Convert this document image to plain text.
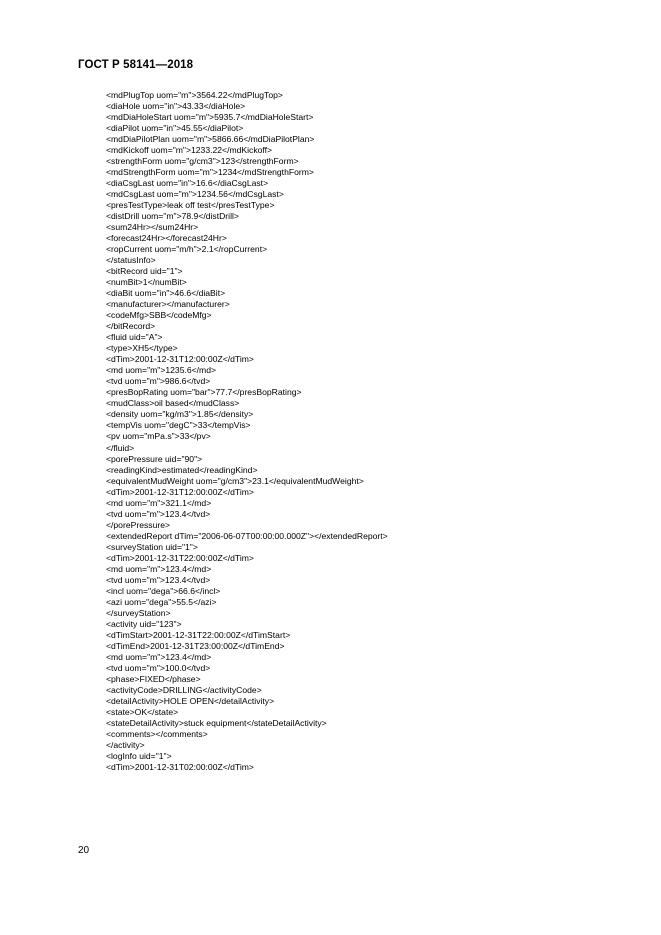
ГОСТ Р 58141—2018
<mdPlugTop uom="m">3564.22</mdPlugTop>
<diaHole uom="in">43.33</diaHole>
<mdDiaHoleStart uom="m">5935.7</mdDiaHoleStart>
<diaPilot uom="in">45.55</diaPilot>
<mdDiaPilotPlan uom="m">5866.66</mdDiaPilotPlan>
<mdKickoff uom="m">1233.22</mdKickoff>
<strengthForm uom="g/cm3">123</strengthForm>
<mdStrengthForm uom="m">1234</mdStrengthForm>
<diaCsgLast uom="in">16.6</diaCsgLast>
<mdCsgLast uom="m">1234.56</mdCsgLast>
<presTestType>leak off test</presTestType>
<distDrill uom="m">78.9</distDrill>
<sum24Hr></sum24Hr>
<forecast24Hr></forecast24Hr>
<ropCurrent uom="m/h">2.1</ropCurrent>
</statusInfo>
<bitRecord uid="1">
<numBit>1</numBit>
<diaBit uom="in">46.6</diaBit>
<manufacturer></manufacturer>
<codeMfg>SBB</codeMfg>
</bitRecord>
<fluid uid="A">
<type>XH5</type>
<dTim>2001-12-31T12:00:00Z</dTim>
<md uom="m">1235.6</md>
<tvd uom="m">986.6</tvd>
<presBopRating uom="bar">77.7</presBopRating>
<mudClass>oil based</mudClass>
<density uom="kg/m3">1.85</density>
<tempVis uom="degC">33</tempVis>
<pv uom="mPa.s">33</pv>
</fluid>
<porePressure uid="90">
<readingKind>estimated</readingKind>
<equivalentMudWeight uom="g/cm3">23.1</equivalentMudWeight>
<dTim>2001-12-31T12:00:00Z</dTim>
<md uom="m">321.1</md>
<tvd uom="m">123.4</tvd>
</porePressure>
<extendedReport dTim="2006-06-07T00:00:00.000Z"></extendedReport>
<surveyStation uid="1">
<dTim>2001-12-31T22:00:00Z</dTim>
<md uom="m">123.4</md>
<tvd uom="m">123.4</tvd>
<incl uom="dega">66.6</incl>
<azi uom="dega">55.5</azi>
</surveyStation>
<activity uid="123">
<dTimStart>2001-12-31T22:00:00Z</dTimStart>
<dTimEnd>2001-12-31T23:00:00Z</dTimEnd>
<md uom="m">123.4</md>
<tvd uom="m">100.0</tvd>
<phase>FIXED</phase>
<activityCode>DRILLING</activityCode>
<detailActivity>HOLE OPEN</detailActivity>
<state>OK</state>
<stateDetailActivity>stuck equipment</stateDetailActivity>
<comments></comments>
</activity>
<logInfo uid="1">
<dTim>2001-12-31T02:00:00Z</dTim>
20
